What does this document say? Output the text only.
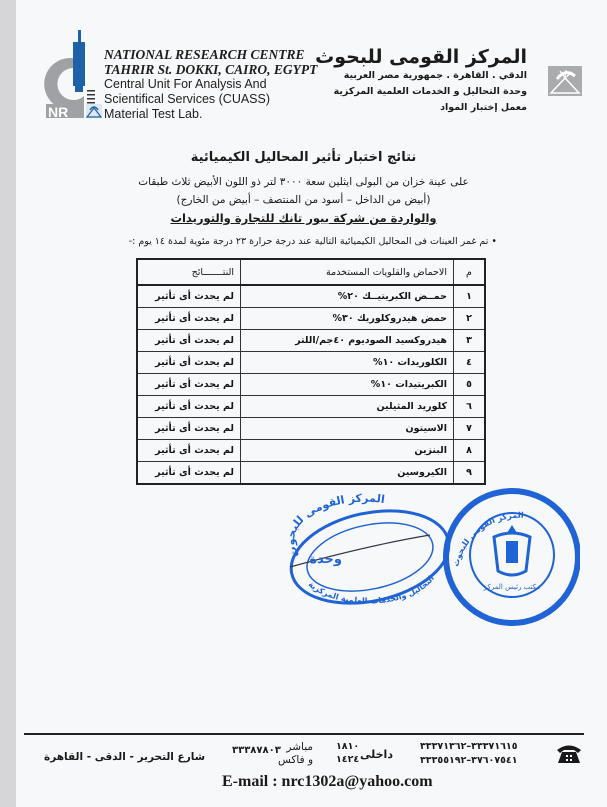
NR
NATIONAL RESEARCH CENTRE
TAHRIR St. DOKKI, CAIRO, EGYPT
Central Unit For Analysis And
Scientifical Services (CUASS)
Material Test Lab.
المركز القومى للبحوث
الدقي . القاهرة . جمهورية مصر العربية
وحدة التحاليل و الخدمات العلمية المركزية
معمل إختبار المواد
نتائج اختبار تأثير المحاليل الكيميائية
على عينة خزان من البولى ايثلين سعة ٣٠٠٠ لتر ذو اللون الأبيض ثلاث طبقات
(أبيض من الداخل – أسود من المنتصف – أبيض من الخارج)
والواردة من شركة بيور تانك للتجارة والتوريدات
• تم غمر العينات فى المحاليل الكيميائية التالية عند درجة حرارة ٢٣ درجة مئوية لمدة ١٤ يوم :-
م	الاحماض والقلويات المستخدمة	النتـــــــائج
١	حمــض الكبريتيــك ٢٠%	لم يحدث أى تأثير
٢	حمض هيدروكلوريك ٣٠%	لم يحدث أى تأثير
٣	هيدروكسيد الصوديوم ٤٠جم/اللتر	لم يحدث أى تأثير
٤	الكلوريدات ١٠%	لم يحدث أى تأثير
٥	الكبريتيدات ١٠%	لم يحدث أى تأثير
٦	كلوريد المثيلين	لم يحدث أى تأثير
٧	الاسيتون	لم يحدث أى تأثير
٨	البنزين	لم يحدث أى تأثير
٩	الكيروسين	لم يحدث أى تأثير
المركز القومى للبحوث
وحدة
التحاليل والخدمات العلمية المركزية
المركز القومى للبحوث
مكتب رئيس المركز
شارع التحرير - الدقى - القاهرة
٣٣٣٨٧٨٠٣ مباشر
و فاكس
١٨١٠
١٤٢٤ داخلى
٣٣٣٧١٦١٥–٣٣٣٧١٣٦٢
٣٧٦٠٧٥٤١–٣٣٣٥٥١٩٢
E-mail : nrc1302a@yahoo.com
